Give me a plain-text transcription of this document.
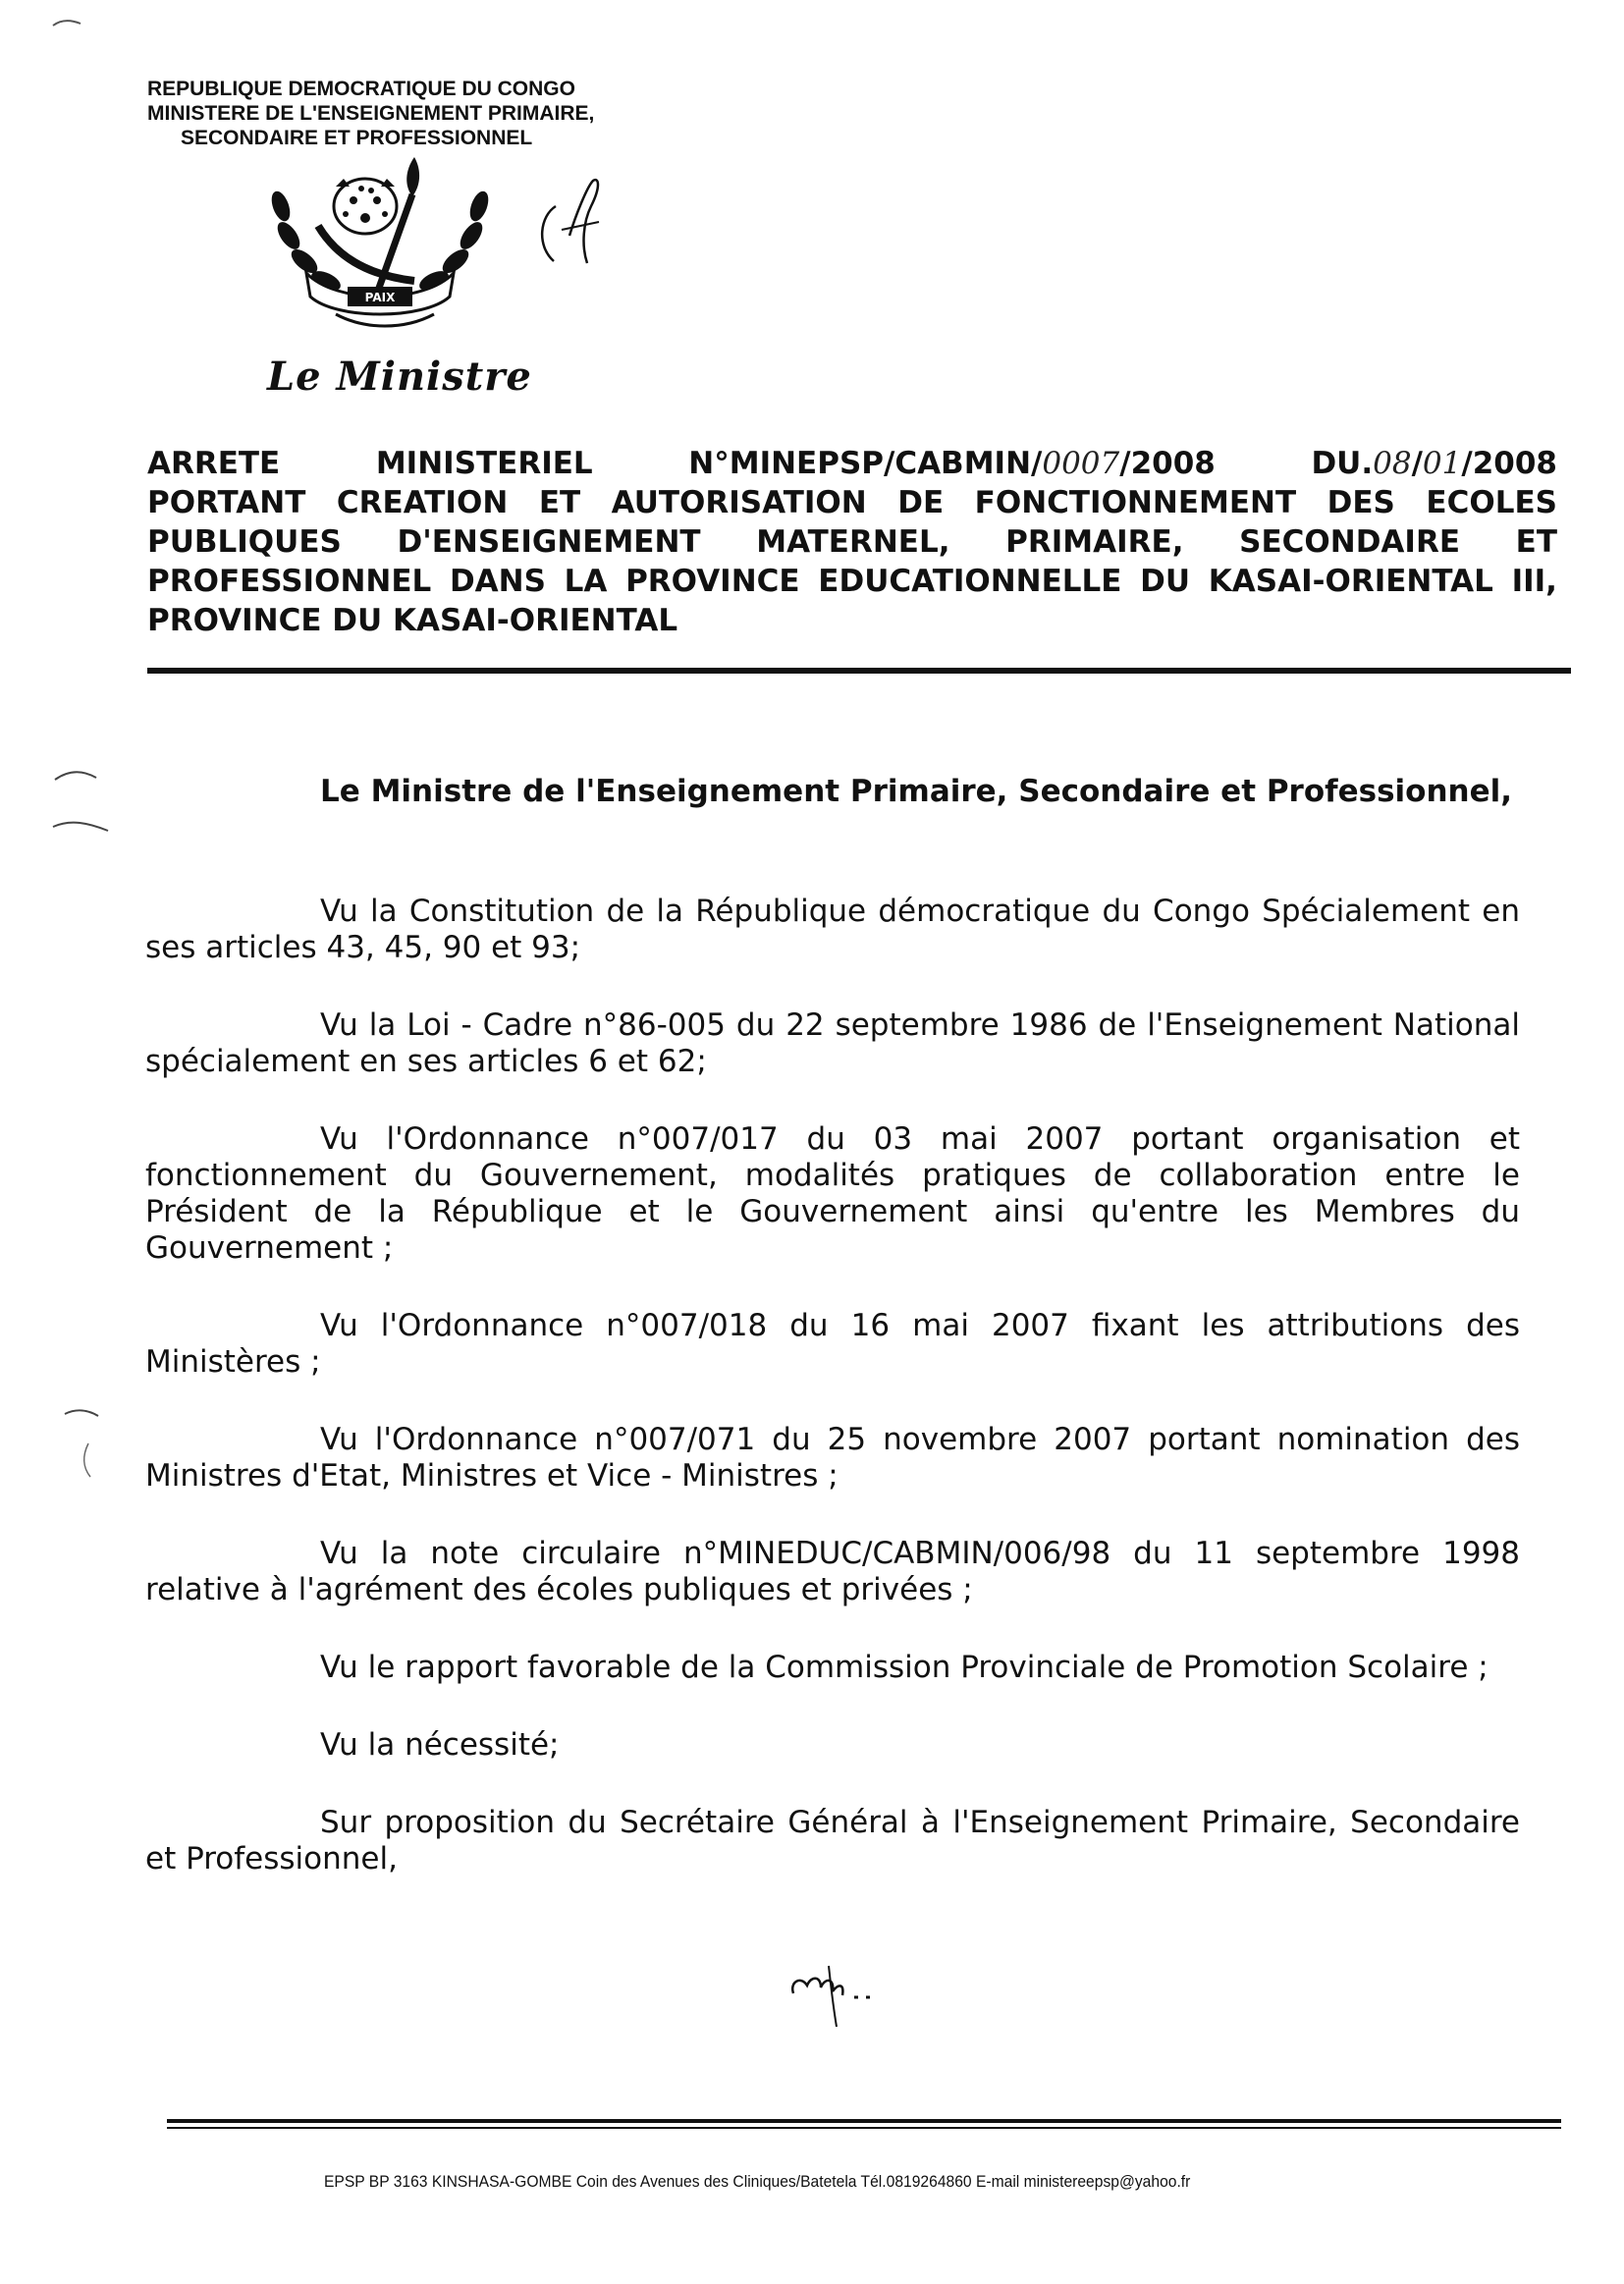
REPUBLIQUE DEMOCRATIQUE DU CONGO
MINISTERE DE L'ENSEIGNEMENT PRIMAIRE,
SECONDAIRE ET PROFESSIONNEL
PAIX
Le Ministre
ARRETE	MINISTERIEL	N°MINEPSP/CABMIN/0007/2008	DU.08/01/2008
PORTANT CREATION ET AUTORISATION DE FONCTIONNEMENT DES ECOLES
PUBLIQUES D'ENSEIGNEMENT MATERNEL, PRIMAIRE, SECONDAIRE ET
PROFESSIONNEL DANS LA PROVINCE EDUCATIONNELLE DU KASAI-ORIENTAL III,
PROVINCE DU KASAI-ORIENTAL
Le Ministre de l'Enseignement Primaire, Secondaire et Professionnel,

Vu la Constitution de la République démocratique du Congo Spécialement en ses articles 43, 45, 90 et 93;

Vu la Loi - Cadre n°86-005 du 22 septembre 1986 de l'Enseignement National spécialement en ses articles 6 et 62;

Vu l'Ordonnance n°007/017 du 03 mai 2007 portant organisation et fonctionnement du Gouvernement, modalités pratiques de collaboration entre le Président de la République et le Gouvernement ainsi qu'entre les Membres du Gouvernement ;

Vu l'Ordonnance n°007/018 du 16 mai 2007 fixant les attributions des Ministères ;

Vu l'Ordonnance n°007/071 du 25 novembre 2007 portant nomination des Ministres d'Etat, Ministres et Vice - Ministres ;

Vu la note circulaire n°MINEDUC/CABMIN/006/98 du 11 septembre 1998 relative à l'agrément des écoles publiques et privées ;

Vu le rapport favorable de la Commission Provinciale de Promotion Scolaire ;

Vu la nécessité;

Sur proposition du Secrétaire Général à l'Enseignement Primaire, Secondaire et Professionnel,

EPSP BP 3163 KINSHASA-GOMBE Coin des Avenues des Cliniques/Batetela Tél.0819264860 E-mail ministereepsp@yahoo.fr
